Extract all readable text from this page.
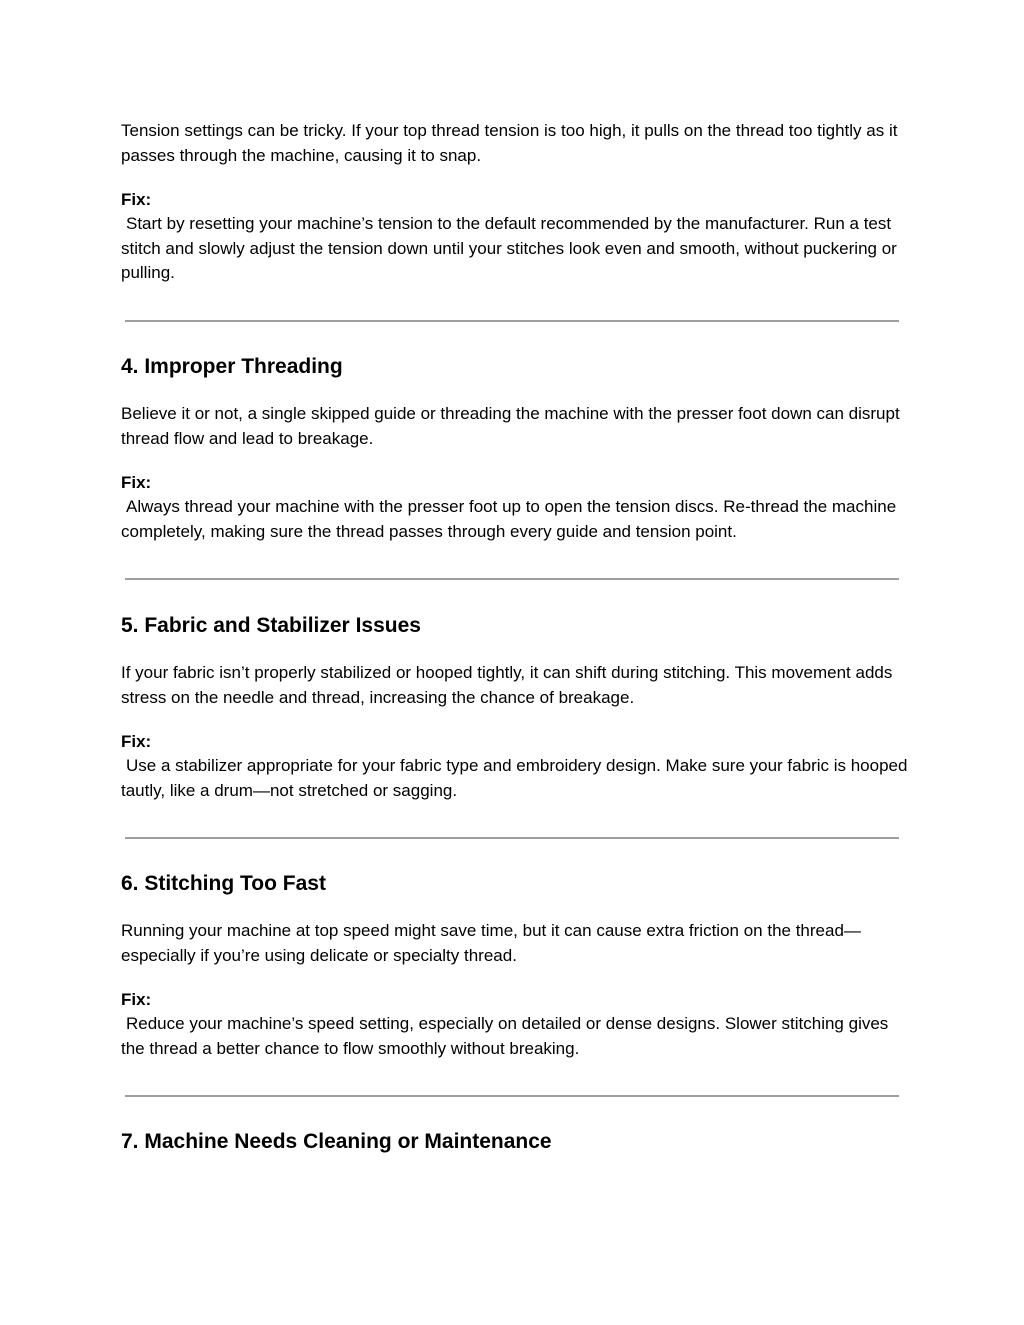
Tension settings can be tricky. If your top thread tension is too high, it pulls on the thread too tightly as it passes through the machine, causing it to snap.

Fix:

Start by resetting your machine’s tension to the default recommended by the manufacturer. Run a test stitch and slowly adjust the tension down until your stitches look even and smooth, without puckering or pulling.

4. Improper Threading

Believe it or not, a single skipped guide or threading the machine with the presser foot down can disrupt thread flow and lead to breakage.

Fix:

Always thread your machine with the presser foot up to open the tension discs. Re-thread the machine completely, making sure the thread passes through every guide and tension point.

5. Fabric and Stabilizer Issues

If your fabric isn’t properly stabilized or hooped tightly, it can shift during stitching. This movement adds stress on the needle and thread, increasing the chance of breakage.

Fix:

Use a stabilizer appropriate for your fabric type and embroidery design. Make sure your fabric is hooped tautly, like a drum—not stretched or sagging.

6. Stitching Too Fast

Running your machine at top speed might save time, but it can cause extra friction on the thread—especially if you’re using delicate or specialty thread.

Fix:

Reduce your machine’s speed setting, especially on detailed or dense designs. Slower stitching gives the thread a better chance to flow smoothly without breaking.

7. Machine Needs Cleaning or Maintenance
